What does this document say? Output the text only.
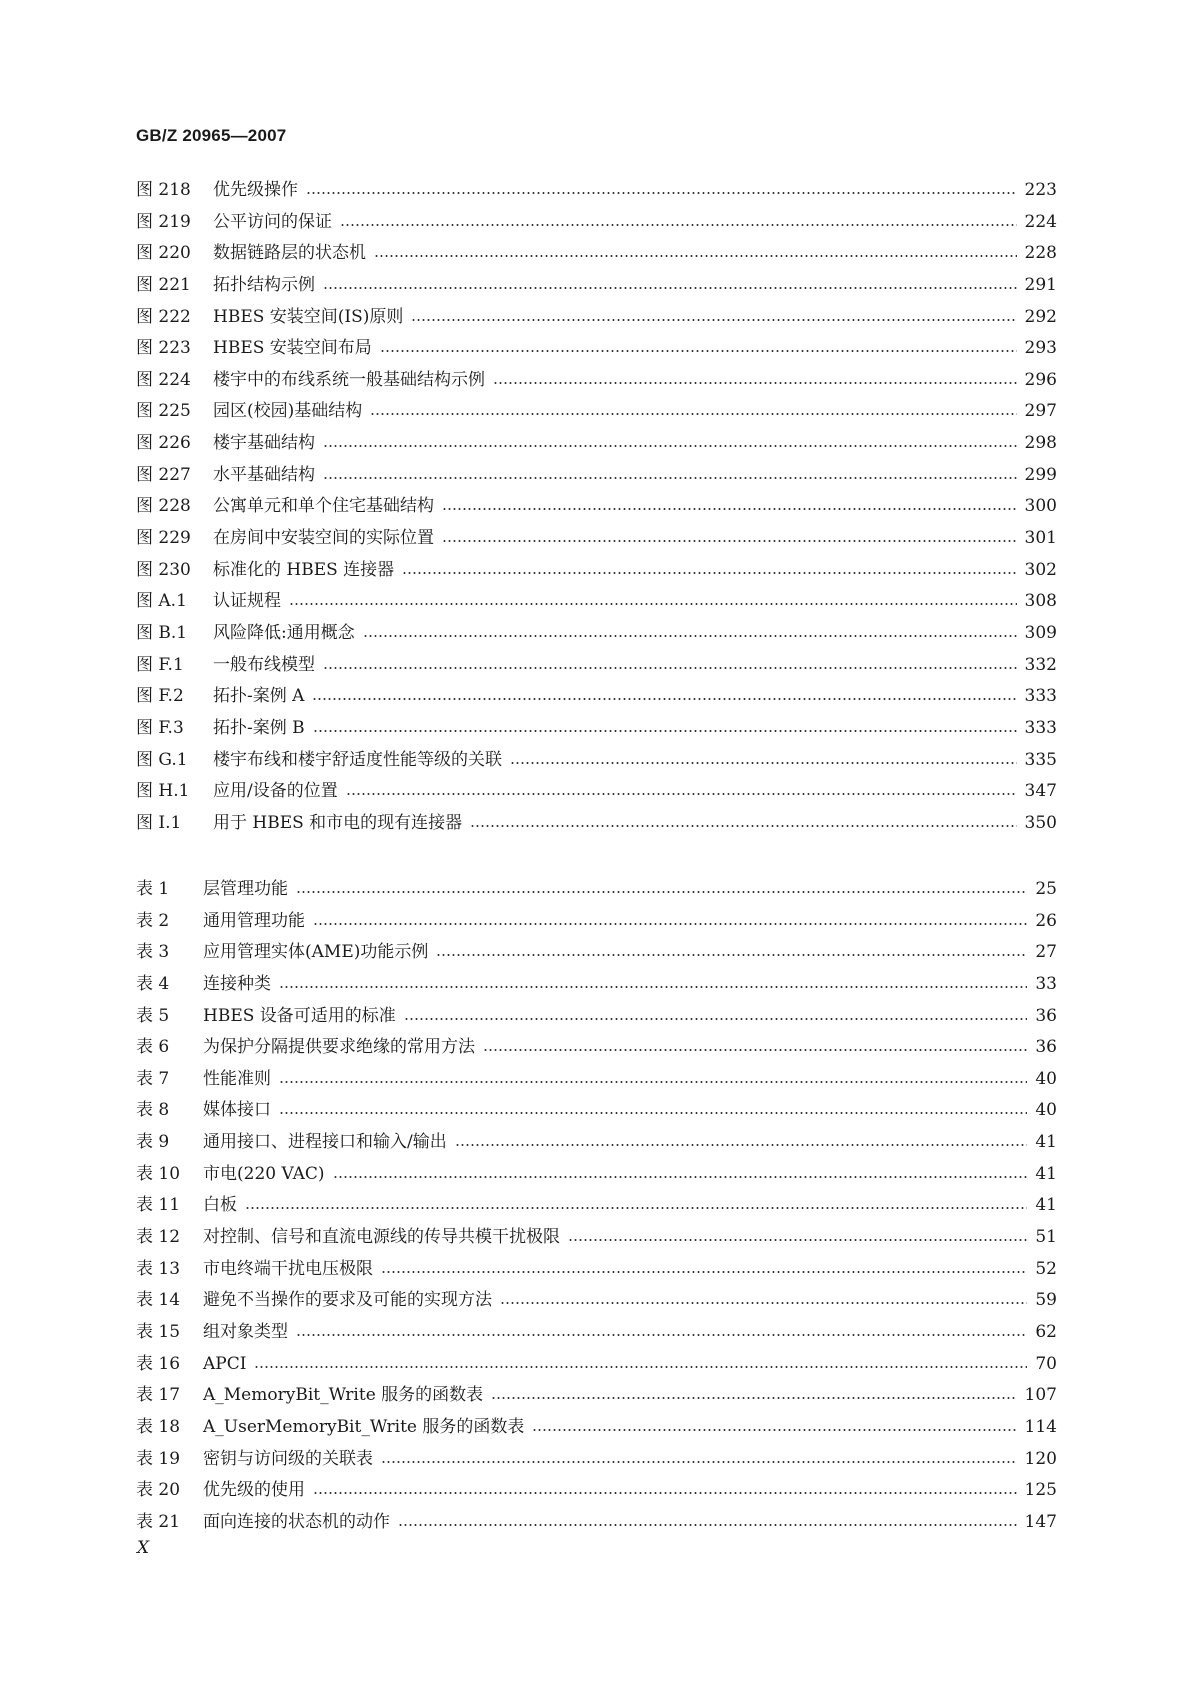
GB/Z 20965—2007
图 218	优先级操作	223
图 219	公平访问的保证	224
图 220	数据链路层的状态机	228
图 221	拓扑结构示例	291
图 222	HBES 安装空间(IS)原则	292
图 223	HBES 安装空间布局	293
图 224	楼宇中的布线系统一般基础结构示例	296
图 225	园区(校园)基础结构	297
图 226	楼宇基础结构	298
图 227	水平基础结构	299
图 228	公寓单元和单个住宅基础结构	300
图 229	在房间中安装空间的实际位置	301
图 230	标准化的 HBES 连接器	302
图 A.1	认证规程	308
图 B.1	风险降低:通用概念	309
图 F.1	一般布线模型	332
图 F.2	拓扑-案例 A	333
图 F.3	拓扑-案例 B	333
图 G.1	楼宇布线和楼宇舒适度性能等级的关联	335
图 H.1	应用/设备的位置	347
图 I.1	用于 HBES 和市电的现有连接器	350
表 1	层管理功能	25
表 2	通用管理功能	26
表 3	应用管理实体(AME)功能示例	27
表 4	连接种类	33
表 5	HBES 设备可适用的标准	36
表 6	为保护分隔提供要求绝缘的常用方法	36
表 7	性能准则	40
表 8	媒体接口	40
表 9	通用接口、进程接口和输入/输出	41
表 10	市电(220 VAC)	41
表 11	白板	41
表 12	对控制、信号和直流电源线的传导共模干扰极限	51
表 13	市电终端干扰电压极限	52
表 14	避免不当操作的要求及可能的实现方法	59
表 15	组对象类型	62
表 16	APCI	70
表 17	A_MemoryBit_Write 服务的函数表	107
表 18	A_UserMemoryBit_Write 服务的函数表	114
表 19	密钥与访问级的关联表	120
表 20	优先级的使用	125
表 21	面向连接的状态机的动作	147
X
